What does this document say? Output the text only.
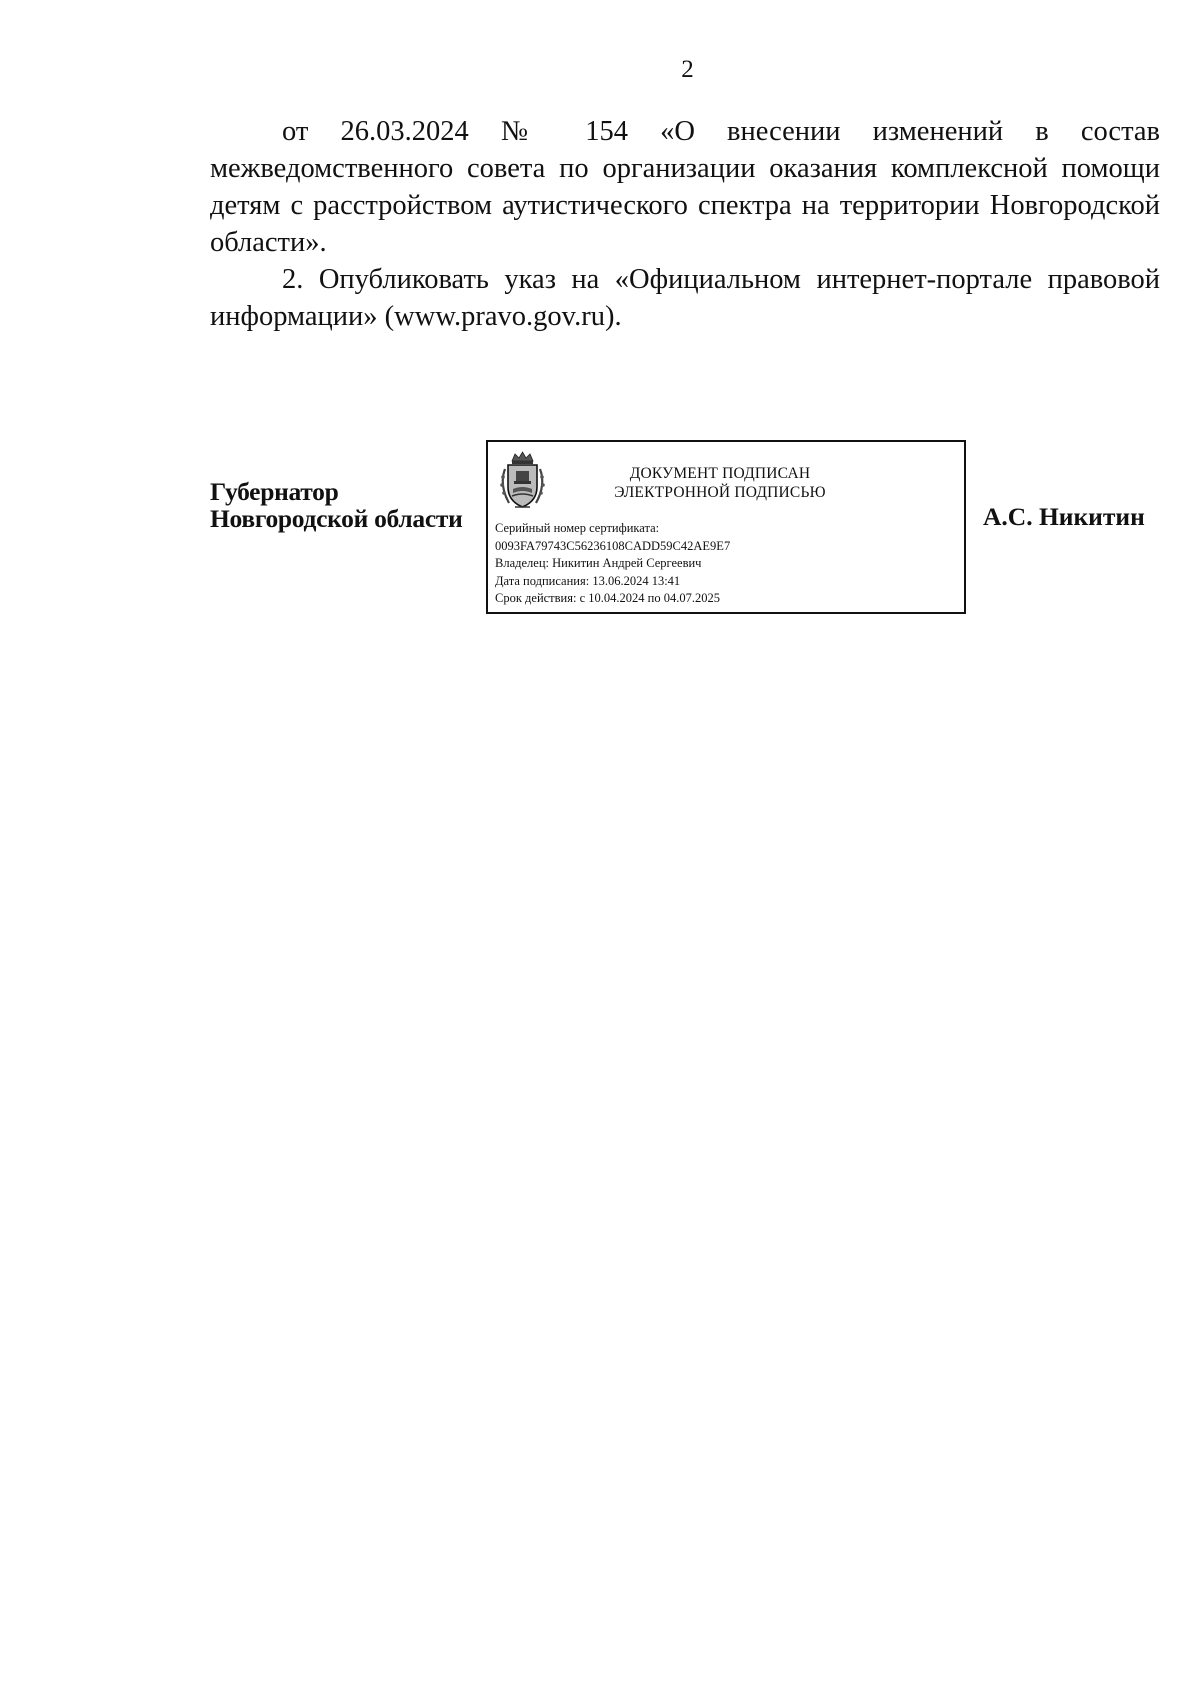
2

от 26.03.2024 № 154 «О внесении изменений в состав межведомственного совета по организации оказания комплексной помощи детям с расстройством аутистического спектра на территории Новгородской области».

2. Опубликовать указ на «Официальном интернет-портале правовой информации» (www.pravo.gov.ru).

Губернатор
Новгородской области
ДОКУМЕНТ ПОДПИСАН
ЭЛЕКТРОННОЙ ПОДПИСЬЮ
Серийный номер сертификата:
0093FA79743C56236108CADD59C42AE9E7
Владелец: Никитин Андрей Сергеевич
Дата подписания: 13.06.2024 13:41
Срок действия: с 10.04.2024 по 04.07.2025
А.С. Никитин
